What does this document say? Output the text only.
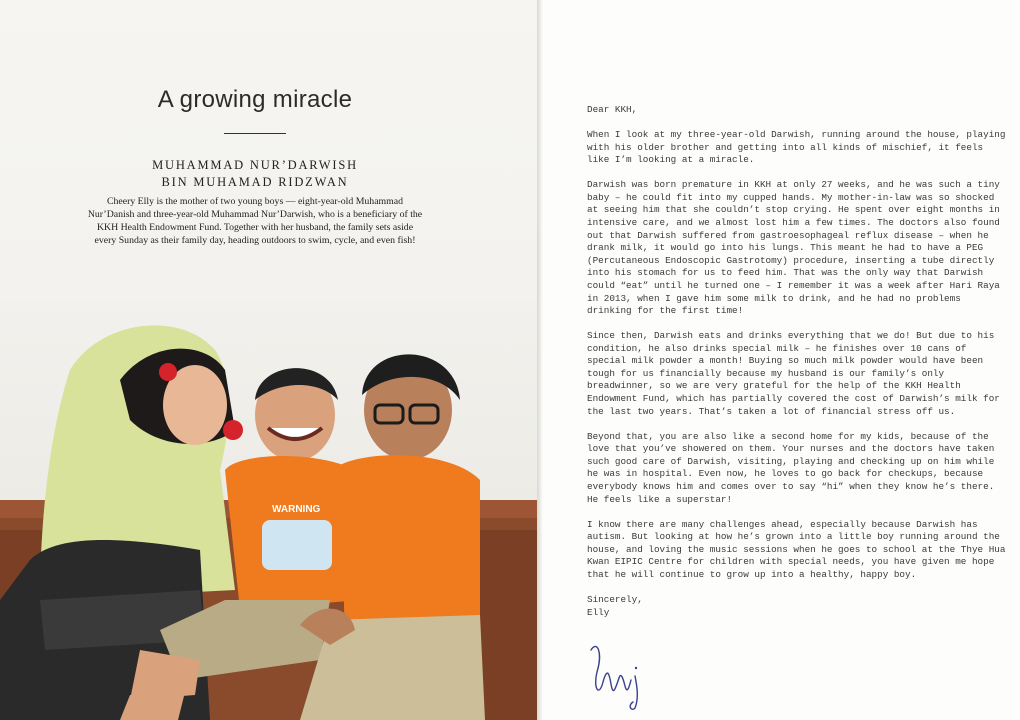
A growing miracle

MUHAMMAD NUR’DARWISH

BIN MUHAMAD RIDZWAN

Cheery Elly is the mother of two young boys — eight-year-old Muhammad Nur’Danish and three-year-old Muhammad Nur’Darwish, who is a beneficiary of the KKH Health Endowment Fund. Together with her husband, the family sets aside every Sunday as their family day, heading outdoors to swim, cycle, and even fish!

WARNING

Dear KKH,

When I look at my three-year-old Darwish, running around the house, playing with his older brother and getting into all kinds of mischief, it feels like I’m looking at a miracle.

Darwish was born premature in KKH at only 27 weeks, and he was such a tiny baby – he could fit into my cupped hands. My mother-in-law was so shocked at seeing him that she couldn’t stop crying. He spent over eight months in intensive care, and we almost lost him a few times. The doctors also found out that Darwish suffered from gastroesophageal reflux disease – when he drank milk, it would go into his lungs. This meant he had to have a PEG (Percutaneous Endoscopic Gastrotomy) procedure, inserting a tube directly into his stomach for us to feed him. That was the only way that Darwish could “eat” until he turned one – I remember it was a week after Hari Raya in 2013, when I gave him some milk to drink, and he had no problems drinking for the first time!

Since then, Darwish eats and drinks everything that we do! But due to his condition, he also drinks special milk – he finishes over 10 cans of special milk powder a month! Buying so much milk powder would have been tough for us financially because my husband is our family’s only breadwinner, so we are very grateful for the help of the KKH Health Endowment Fund, which has partially covered the cost of Darwish’s milk for the last two years. That’s taken a lot of financial stress off us.

Beyond that, you are also like a second home for my kids, because of the love that you’ve showered on them. Your nurses and the doctors have taken such good care of Darwish, visiting, playing and checking up on him while he was in hospital. Even now, he loves to go back for checkups, because everybody knows him and comes over to say “hi” when they know he’s there. He feels like a superstar!

I know there are many challenges ahead, especially because Darwish has autism. But looking at how he’s grown into a little boy running around the house, and loving the music sessions when he goes to school at the Thye Hua Kwan EIPIC Centre for children with special needs, you have given me hope that he will continue to grow up into a healthy, happy boy.

Sincerely,

Elly
